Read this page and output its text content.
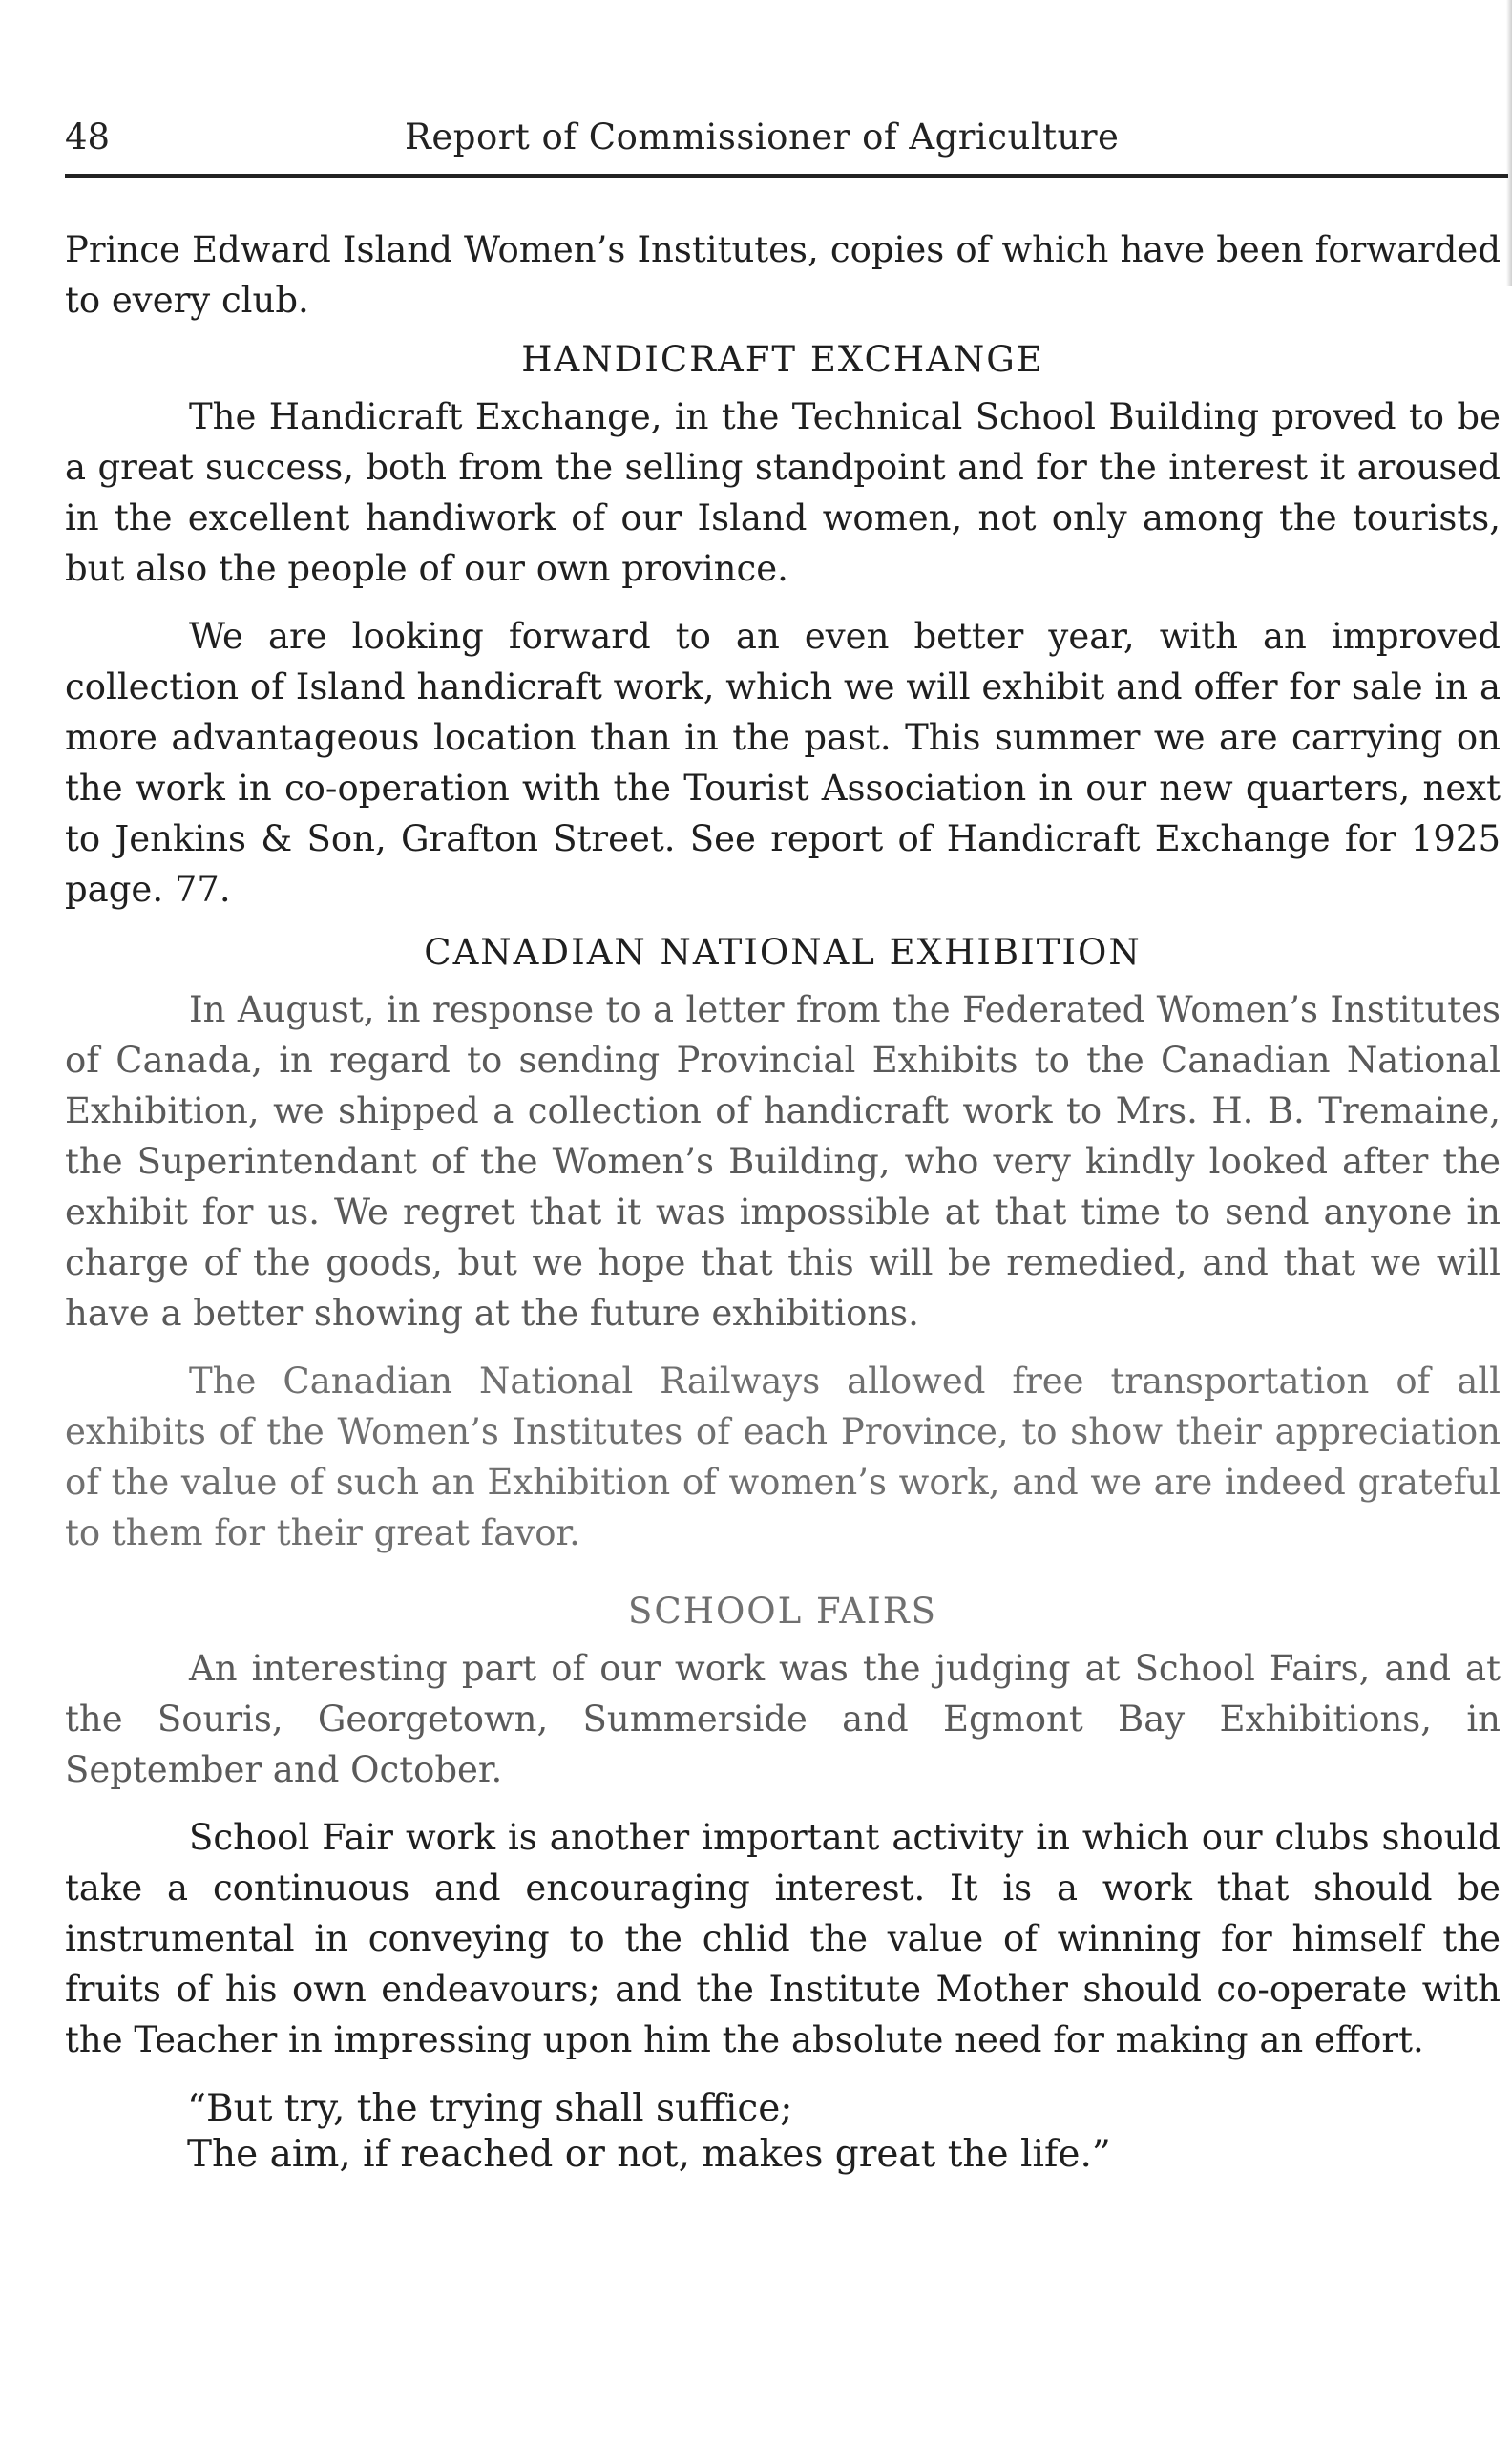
48	Report of Commissioner of Agriculture

Prince Edward Island Women’s Institutes, copies of which have been forwarded to every club.

HANDICRAFT EXCHANGE

The Handicraft Exchange, in the Technical School Building proved to be a great success, both from the selling standpoint and for the interest it aroused in the excellent handiwork of our Island women, not only among the tourists, but also the people of our own province.

We are looking forward to an even better year, with an improved collection of Island handicraft work, which we will exhibit and offer for sale in a more advantageous location than in the past. This summer we are carrying on the work in co-operation with the Tourist Association in our new quarters, next to Jenkins & Son, Grafton Street. See report of Handicraft Exchange for 1925 page. 77.

CANADIAN NATIONAL EXHIBITION

In August, in response to a letter from the Federated Women’s Institutes of Canada, in regard to sending Provincial Exhibits to the Canadian National Exhibition, we shipped a collection of handicraft work to Mrs. H. B. Tremaine, the Superintendant of the Women’s Building, who very kindly looked after the exhibit for us. We regret that it was impossible at that time to send anyone in charge of the goods, but we hope that this will be remedied, and that we will have a better showing at the future exhibitions.

The Canadian National Railways allowed free transportation of all exhibits of the Women’s Institutes of each Province, to show their appreciation of the value of such an Exhibition of women’s work, and we are indeed grateful to them for their great favor.

SCHOOL FAIRS

An interesting part of our work was the judging at School Fairs, and at the Souris, Georgetown, Summerside and Egmont Bay Exhibitions, in September and October.

School Fair work is another important activity in which our clubs should take a continuous and encouraging interest. It is a work that should be instrumental in conveying to the chlid the value of winning for himself the fruits of his own endeavours; and the Institute Mother should co-operate with the Teacher in impressing upon him the absolute need for making an effort.

“But try, the trying shall suffice;
The aim, if reached or not, makes great the life.”
